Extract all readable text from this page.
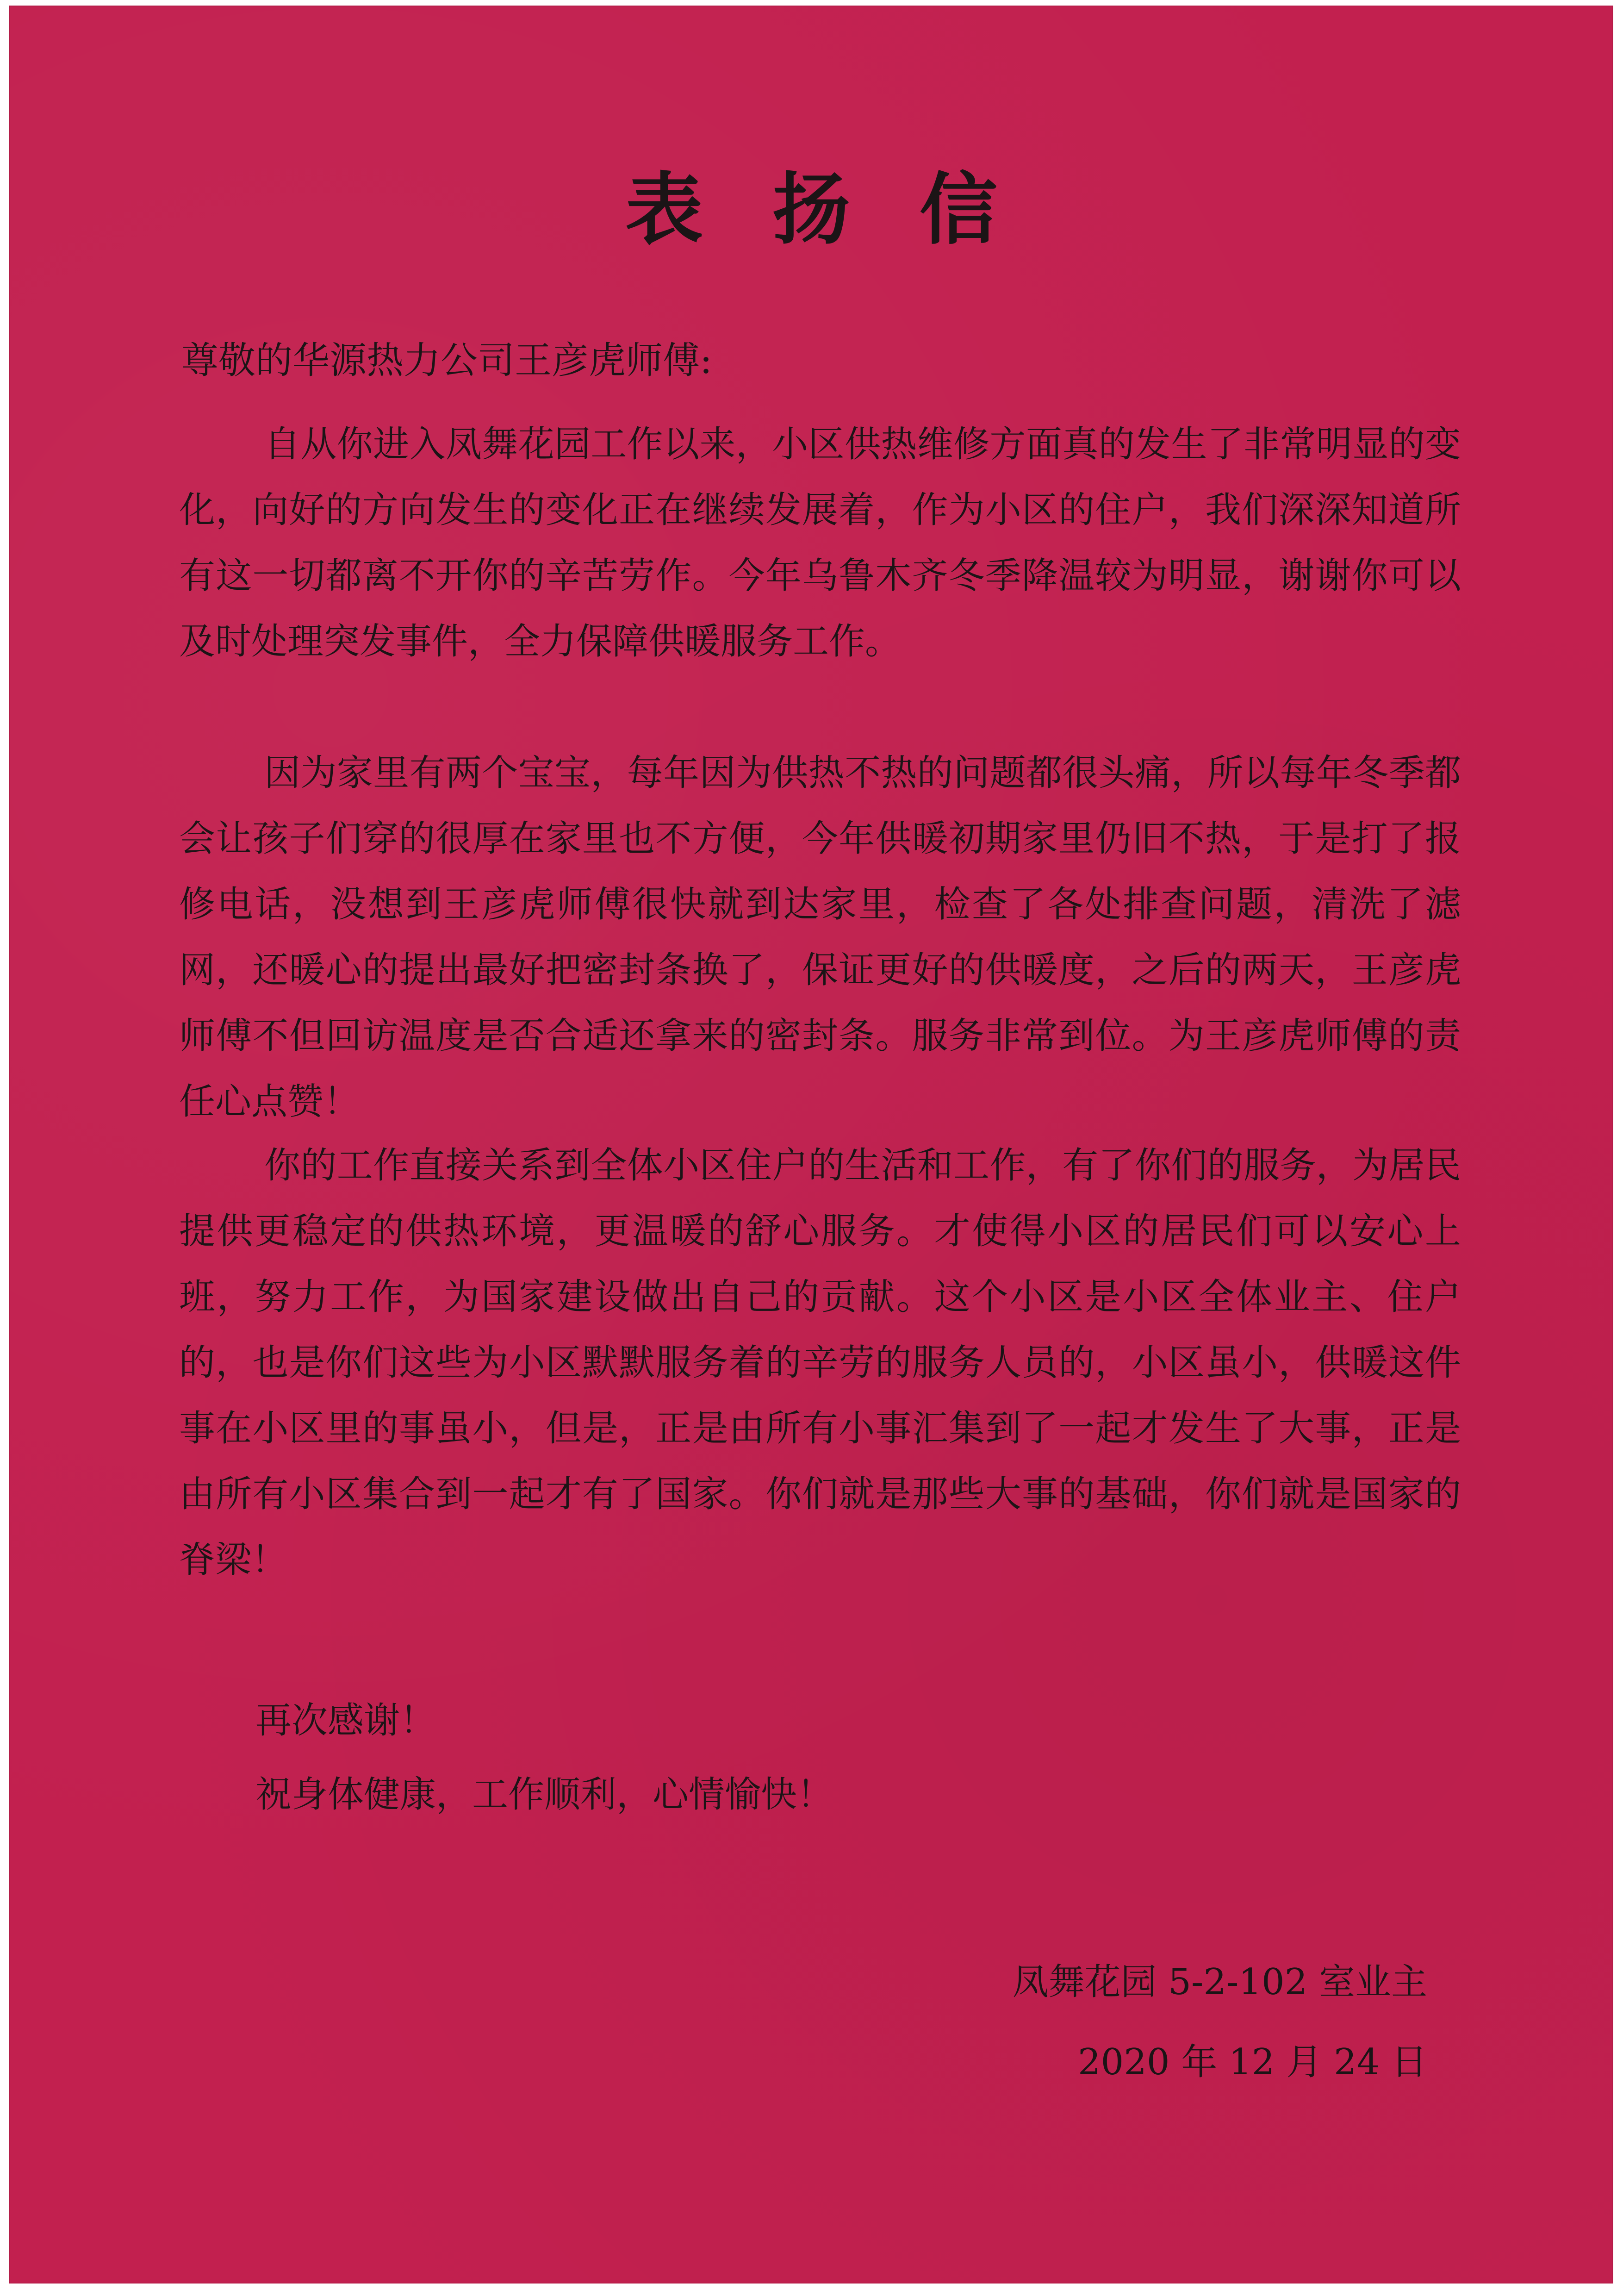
表扬信
尊敬的华源热力公司王彦虎师傅:
自从你进入凤舞花园工作以来，小区供热维修方面真的发生了非常明显的变化，向好的方向发生的变化正在继续发展着，作为小区的住户，我们深深知道所有这一切都离不开你的辛苦劳作。今年乌鲁木齐冬季降温较为明显，谢谢你可以及时处理突发事件，全力保障供暖服务工作。
因为家里有两个宝宝，每年因为供热不热的问题都很头痛，所以每年冬季都会让孩子们穿的很厚在家里也不方便，今年供暖初期家里仍旧不热，于是打了报修电话，没想到王彦虎师傅很快就到达家里，检查了各处排查问题，清洗了滤网，还暖心的提出最好把密封条换了，保证更好的供暖度，之后的两天，王彦虎师傅不但回访温度是否合适还拿来的密封条。服务非常到位。为王彦虎师傅的责任心点赞！
你的工作直接关系到全体小区住户的生活和工作，有了你们的服务，为居民提供更稳定的供热环境，更温暖的舒心服务。才使得小区的居民们可以安心上班，努力工作，为国家建设做出自己的贡献。这个小区是小区全体业主、住户的，也是你们这些为小区默默服务着的辛劳的服务人员的，小区虽小，供暖这件事在小区里的事虽小，但是，正是由所有小事汇集到了一起才发生了大事，正是由所有小区集合到一起才有了国家。你们就是那些大事的基础，你们就是国家的脊梁！
再次感谢！
祝身体健康，工作顺利，心情愉快！
凤舞花园 5-2-102 室业主
2020 年 12 月 24 日
